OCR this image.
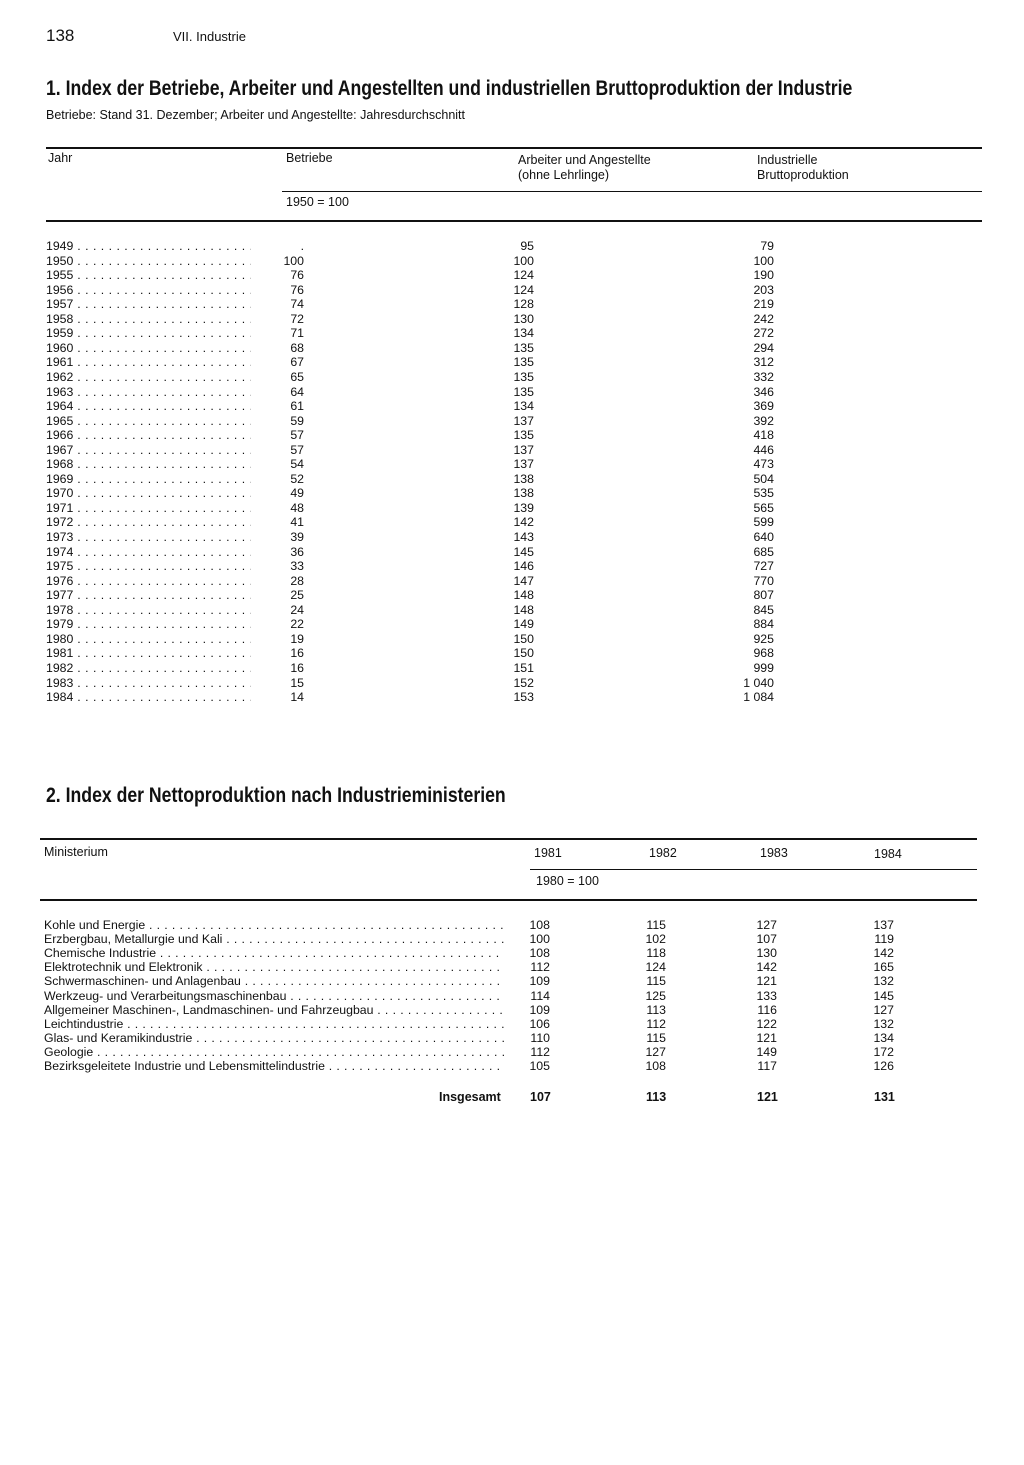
138	VII. Industrie
1. Index der Betriebe, Arbeiter und Angestellten und industriellen Bruttoproduktion der Industrie
Betriebe: Stand 31. Dezember; Arbeiter und Angestellte: Jahresdurchschnitt
Jahr	Betriebe	Arbeiter und Angestellte
(ohne Lehrlinge)
Industrielle
Bruttoproduktion
1950 = 100
1949 . . .	.	95	79
1950 . . .	100	100	100
1955 . . .	76	124	190
1956 . . .	76	124	203
1957 . . .	74	128	219
1958 . . .	72	130	242
1959 . . .	71	134	272
1960 . . .	68	135	294
1961 . . .	67	135	312
1962 . . .	65	135	332
1963 . . .	64	135	346
1964 . . .	61	134	369
1965 . . .	59	137	392
1966 . . .	57	135	418
1967 . . .	57	137	446
1968 . . .	54	137	473
1969 . . .	52	138	504
1970 . . .	49	138	535
1971 . . .	48	139	565
1972 . . .	41	142	599
1973 . . .	39	143	640
1974 . . .	36	145	685
1975 . . .	33	146	727
1976 . . .	28	147	770
1977 . . .	25	148	807
1978 . . .	24	148	845
1979 . . .	22	149	884
1980 . . .	19	150	925
1981 . . .	16	150	968
1982 . . .	16	151	999
1983 . . .	15	152	1 040
1984 . . .	14	153	1 084
2. Index der Nettoproduktion nach Industrieministerien
Ministerium	1981	1982	1983	1984
1980 = 100
Kohle und Energie . . .	108	115	127	137
Erzbergbau, Metallurgie und Kali . . .	100	102	107	119
Chemische Industrie . . .	108	118	130	142
Elektrotechnik und Elektronik . . .	112	124	142	165
Schwermaschinen- und Anlagenbau . . .	109	115	121	132
Werkzeug- und Verarbeitungsmaschinenbau . . .	114	125	133	145
Allgemeiner Maschinen-, Landmaschinen- und Fahrzeugbau . . .	109	113	116	127
Leichtindustrie . . .	106	112	122	132
Glas- und Keramikindustrie . . .	110	115	121	134
Geologie . . .	112	127	149	172
Bezirksgeleitete Industrie und Lebensmittelindustrie . . .	105	108	117	126
Insgesamt 107	113	121	131
